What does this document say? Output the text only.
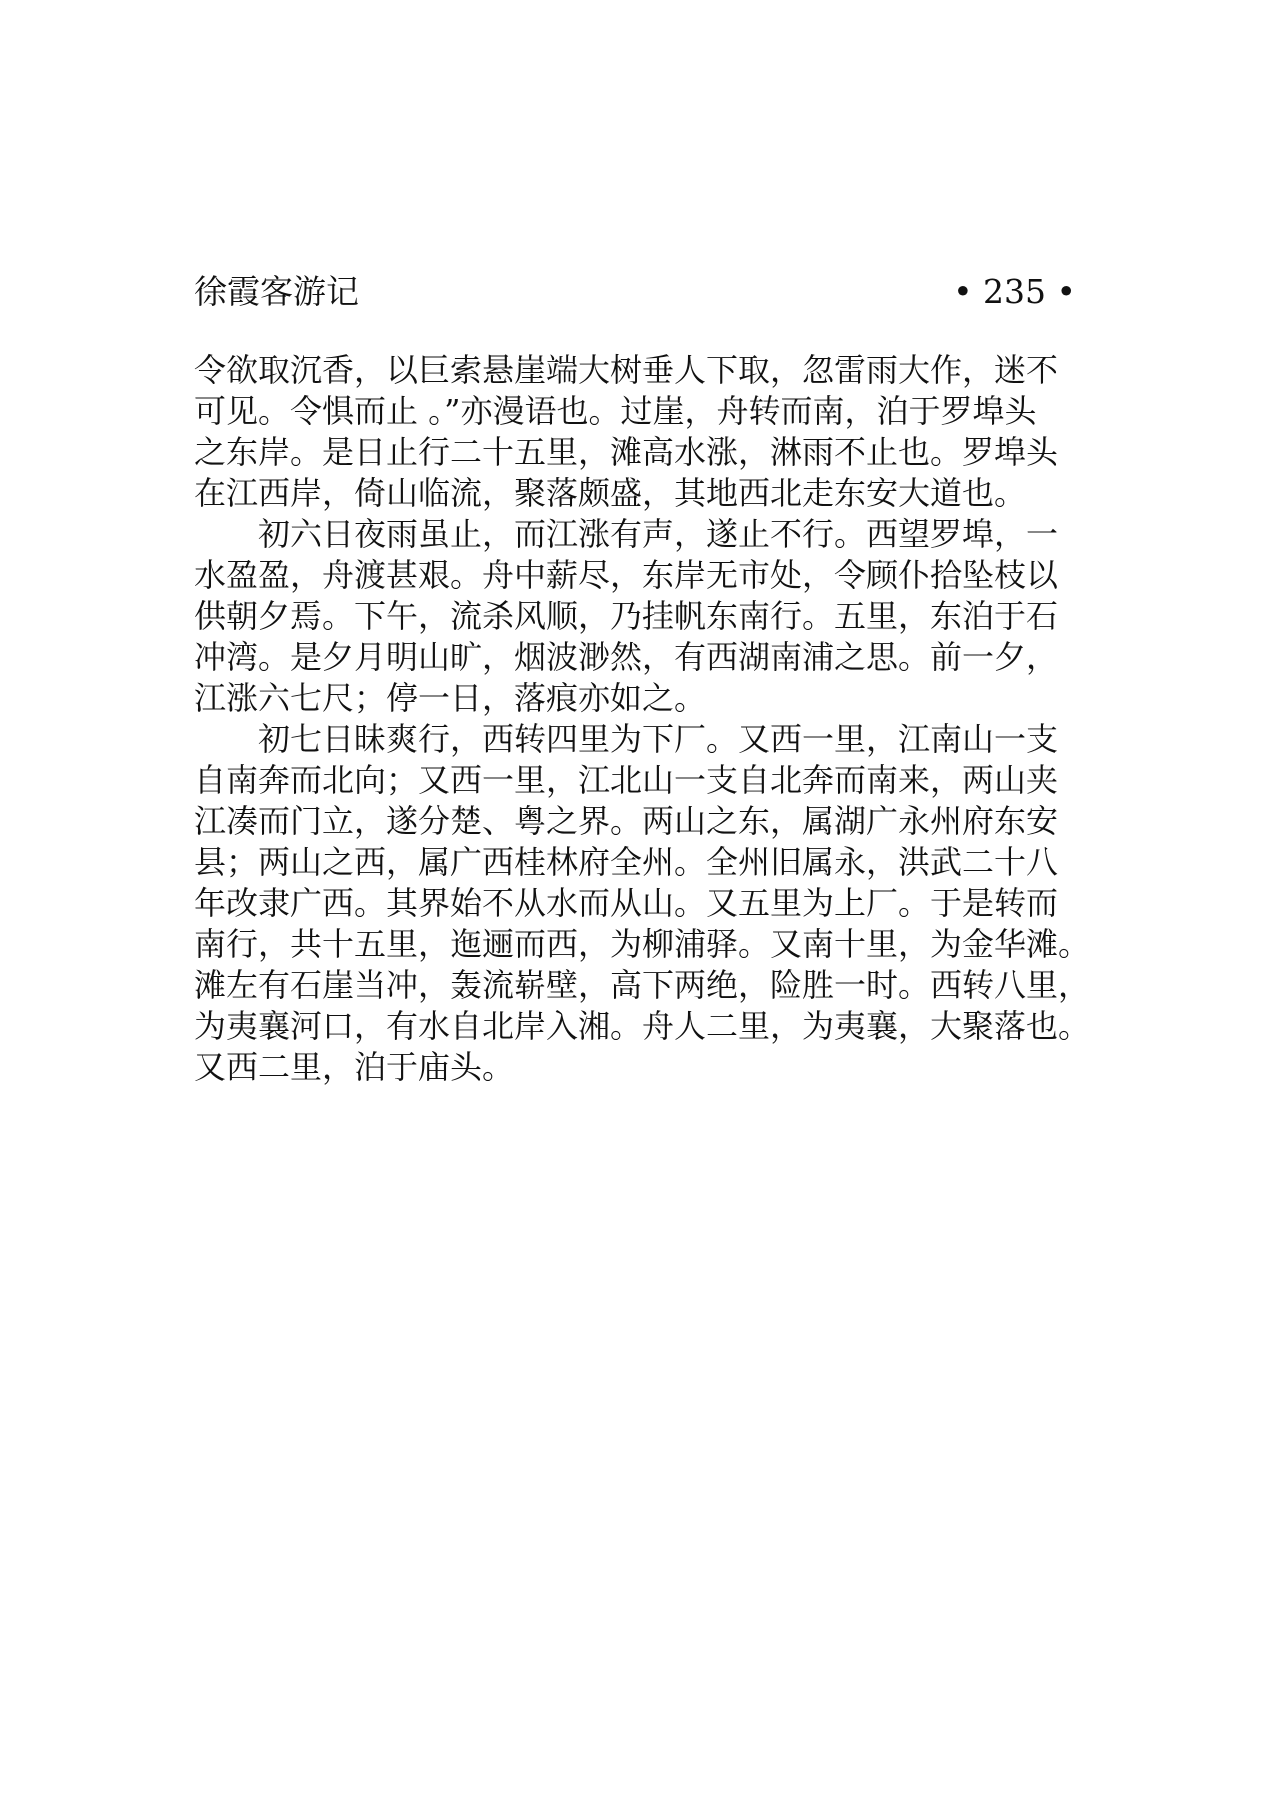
徐霞客游记	• 235 •
令欲取沉香，以巨索悬崖端大树垂人下取，忽雷雨大作，迷不
可见。令惧而止 。”亦漫语也。过崖，舟转而南，泊于罗埠头
之东岸。是日止行二十五里，滩高水涨，淋雨不止也。罗埠头
在江西岸，倚山临流，聚落颇盛，其地西北走东安大道也。
　　初六日夜雨虽止，而江涨有声，遂止不行。西望罗埠，一
水盈盈，舟渡甚艰。舟中薪尽，东岸无市处，令顾仆拾坠枝以
供朝夕焉。下午，流杀风顺，乃挂帆东南行。五里，东泊于石
冲湾。是夕月明山旷，烟波渺然，有西湖南浦之思。前一夕，
江涨六七尺；停一日，落痕亦如之。
　　初七日昧爽行，西转四里为下厂。又西一里，江南山一支
自南奔而北向；又西一里，江北山一支自北奔而南来，两山夹
江凑而门立，遂分楚、粤之界。两山之东，属湖广永州府东安
县；两山之西，属广西桂林府全州。全州旧属永，洪武二十八
年改隶广西。其界始不从水而从山。又五里为上厂。于是转而
南行，共十五里，迤逦而西，为柳浦驿。又南十里，为金华滩。
滩左有石崖当冲，轰流崭壁，高下两绝，险胜一时。西转八里，
为夷襄河口，有水自北岸入湘。舟人二里，为夷襄，大聚落也。
又西二里，泊于庙头。
